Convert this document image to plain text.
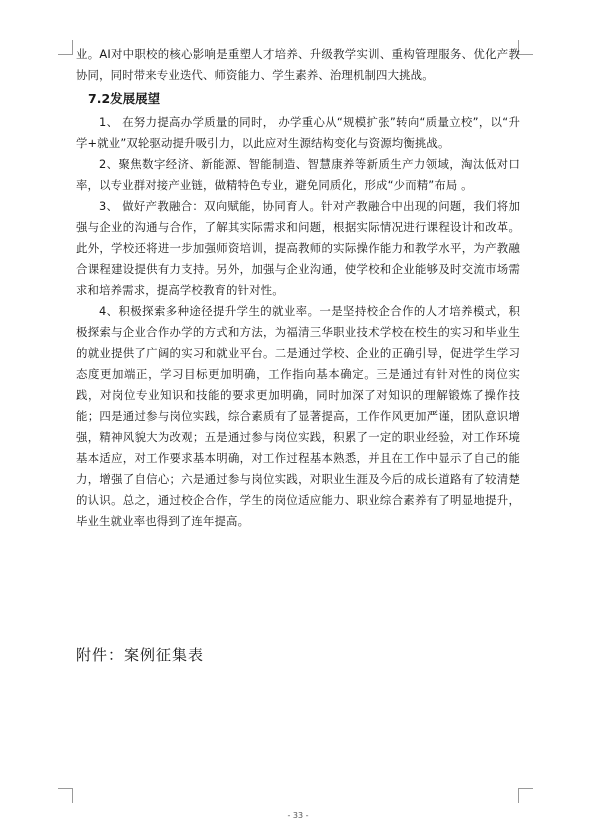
业。AI对中职校的核心影响是重塑人才培养、升级教学实训、重构管理服务、优化产教协同，同时带来专业迭代、师资能力、学生素养、治理机制四大挑战。

7.2发展展望

1、 在努力提高办学质量的同时， 办学重心从“规模扩张”转向“质量立校”，以“升学+就业”双轮驱动提升吸引力，以此应对生源结构变化与资源均衡挑战。

2、聚焦数字经济、新能源、智能制造、智慧康养等新质生产力领域，淘汰低对口率，以专业群对接产业链，做精特色专业，避免同质化，形成“少而精”布局 。

3、 做好产教融合：双向赋能，协同育人。针对产教融合中出现的问题，我们将加强与企业的沟通与合作，了解其实际需求和问题，根据实际情况进行课程设计和改革。此外，学校还将进一步加强师资培训，提高教师的实际操作能力和教学水平，为产教融合课程建设提供有力支持。另外，加强与企业沟通，使学校和企业能够及时交流市场需求和培养需求，提高学校教育的针对性。

4、积极探索多种途径提升学生的就业率。一是坚持校企合作的人才培养模式，积极探索与企业合作办学的方式和方法，为福清三华职业技术学校在校生的实习和毕业生的就业提供了广阔的实习和就业平台。二是通过学校、企业的正确引导，促进学生学习态度更加端正，学习目标更加明确，工作指向基本确定。三是通过有针对性的岗位实践，对岗位专业知识和技能的要求更加明确，同时加深了对知识的理解锻炼了操作技能；四是通过参与岗位实践，综合素质有了显著提高，工作作风更加严谨，团队意识增强，精神风貌大为改观；五是通过参与岗位实践，积累了一定的职业经验，对工作环境基本适应，对工作要求基本明确，对工作过程基本熟悉，并且在工作中显示了自己的能力，增强了自信心；六是通过参与岗位实践，对职业生涯及今后的成长道路有了较清楚的认识。总之，通过校企合作，学生的岗位适应能力、职业综合素养有了明显地提升，毕业生就业率也得到了连年提高。

附件：案例征集表
- 33 -
